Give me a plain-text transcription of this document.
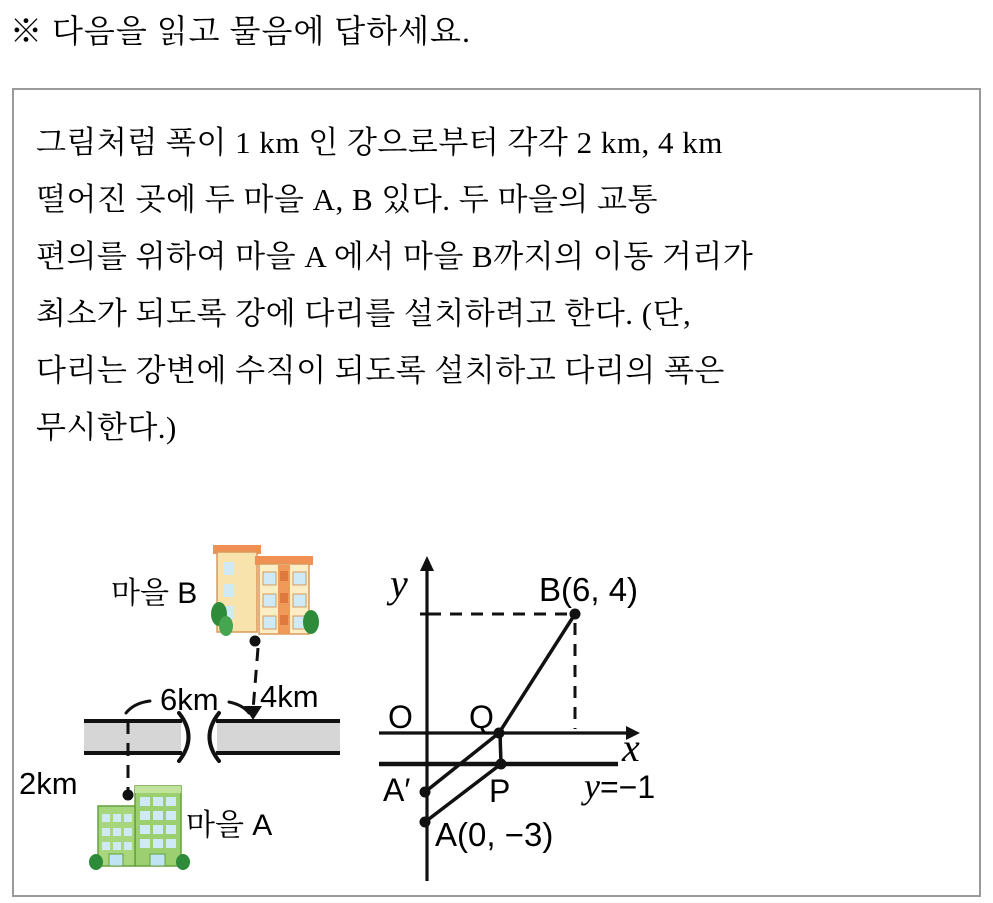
※ 다음을 읽고 물음에 답하세요.
그림처럼 폭이 1 km 인 강으로부터 각각 2 km, 4 km
떨어진 곳에 두 마을 A, B 있다. 두 마을의 교통
편의를 위하여 마을 A 에서 마을 B까지의 이동 거리가
최소가 되도록 강에 다리를 설치하려고 한다. (단,
다리는 강변에 수직이 되도록 설치하고 다리의 폭은
무시한다.)
마을 B
마을 A
6km 4km
2km
y
x
O Q
P
A′
B(6, 4)
A(0, −3)
y=−1
